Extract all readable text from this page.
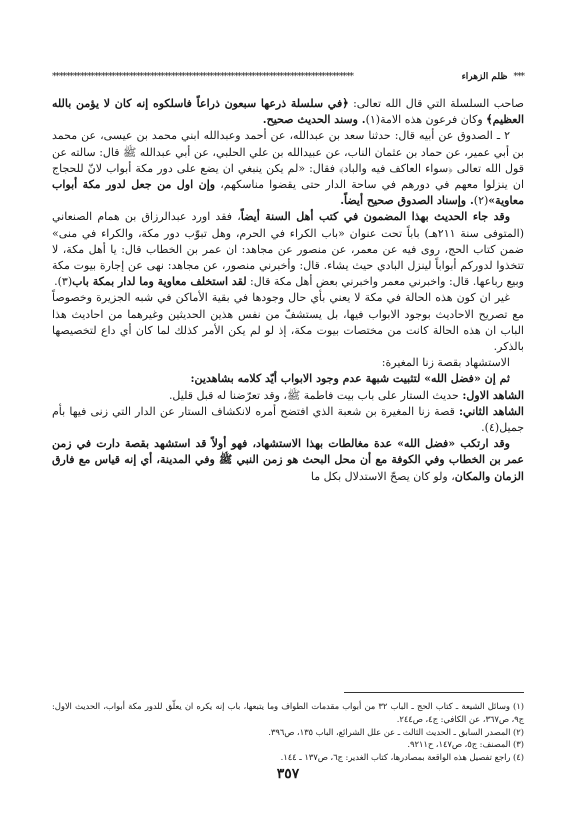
***
ظلم الزهراء
**************************************************************************************

صاحب السلسلة التي قال الله تعالى: ﴿في سلسلة ذرعها سبعون ذراعاً فاسلكوه إنه كان لا يؤمن بالله العظيم﴾ وكان فرعون هذه الامة(١). وسند الحديث صحيح.

٢ ـ الصدوق عن أبيه قال: حدثنا سعد بن عبدالله، عن أحمد وعبدالله ابني محمد بن عيسى، عن محمد بن أبي عمير، عن حماد بن عثمان الناب، عن عبيدالله بن علي الحلبي، عن أبي عبدالله ﷺ قال: سالته عن قول الله تعالى ﴿سواء العاكف فيه والباد﴾ فقال: «لم يكن ينبغي ان يضع على دور مكة أبواب لانّ للحجاج ان ينزلوا معهم في دورهم في ساحة الدار حتى يقضوا مناسكهم، وإن اول من جعل لدور مكة أبواب معاوية»(٢). وإسناد الصدوق صحيح أيضاً.

وقد جاء الحديث بهذا المضمون في كتب أهل السنة أيضاً، فقد اورد عبدالرزاق بن همام الصنعاني (المتوفى سنة ٢١١هـ) باباً تحت عنوان «باب الكراء في الحرم، وهل تبوّب دور مكة، والكراء في منى» ضمن كتاب الحج، روى فيه عن معمر، عن منصور عن مجاهد: ان عمر بن الخطاب قال: يا أهل مكة، لا تتخذوا لدوركم أبواباً لينزل البادي حيث يشاء. قال: وأخبرني منصور، عن مجاهد: نهى عن إجارة بيوت مكة وبيع رباعها. قال: واخبرني معمر واخبرني بعض أهل مكة قال: لقد استخلف معاوية وما لدار بمكة باب(٣).

غير ان كون هذه الحالة في مكة لا يعني بأي حال وجودها في بقية الأماكن في شبه الجزيرة وخصوصاً مع تصريح الاحاديث بوجود الابواب فيها، بل يستشفّ من نفس هذين الحديثين وغيرهما من احاديث هذا الباب ان هذه الحالة كانت من مختصات بيوت مكة، إذ لو لم يكن الأمر كذلك لما كان أي داع لتخصيصها بالذكر.

الاستشهاد بقصة زنا المغيرة:

ثم إن «فضل الله» لتثبيت شبهة عدم وجود الابواب أيّد كلامه بشاهدين:

الشاهد الاول: حديث الستار على باب بيت فاطمة ﷺ، وقد تعرّضنا له قبل قليل.

الشاهد الثاني: قصة زنا المغيرة بن شعبة الذي افتضح أمره لانكشاف الستار عن الدار التي زنى فيها بأم جميل(٤).

وقد ارتكب «فضل الله» عدة مغالطات بهذا الاستشهاد، فهو أولاً قد استشهد بقصة دارت في زمن عمر بن الخطاب وفي الكوفة مع أن محل البحث هو زمن النبي ﷺ وفي المدينة، أي إنه قياس مع فارق الزمان والمكان، ولو كان يصحّ الاستدلال بكل ما

(١) وسائل الشيعة ـ كتاب الحج ـ الباب ٣٢ من أبواب مقدمات الطواف وما يتبعها، باب إنه يكره ان يعلّق للدور مكة أبواب، الحديث الاول: ج٩، ص٣٦٧، عن الكافي: ج٤، ص٢٤٤.
(٢) المصدر السابق ـ الحديث الثالث ـ عن علل الشرائع، الباب ١٣٥، ص٣٩٦.
(٣) المصنف: ج٥، ص١٤٧، ح٩٢١١.
(٤) راجع تفصيل هذه الواقعة بمصادرها، كتاب الغدير: ج٦، ص١٣٧ ـ ١٤٤.
٣٥٧
